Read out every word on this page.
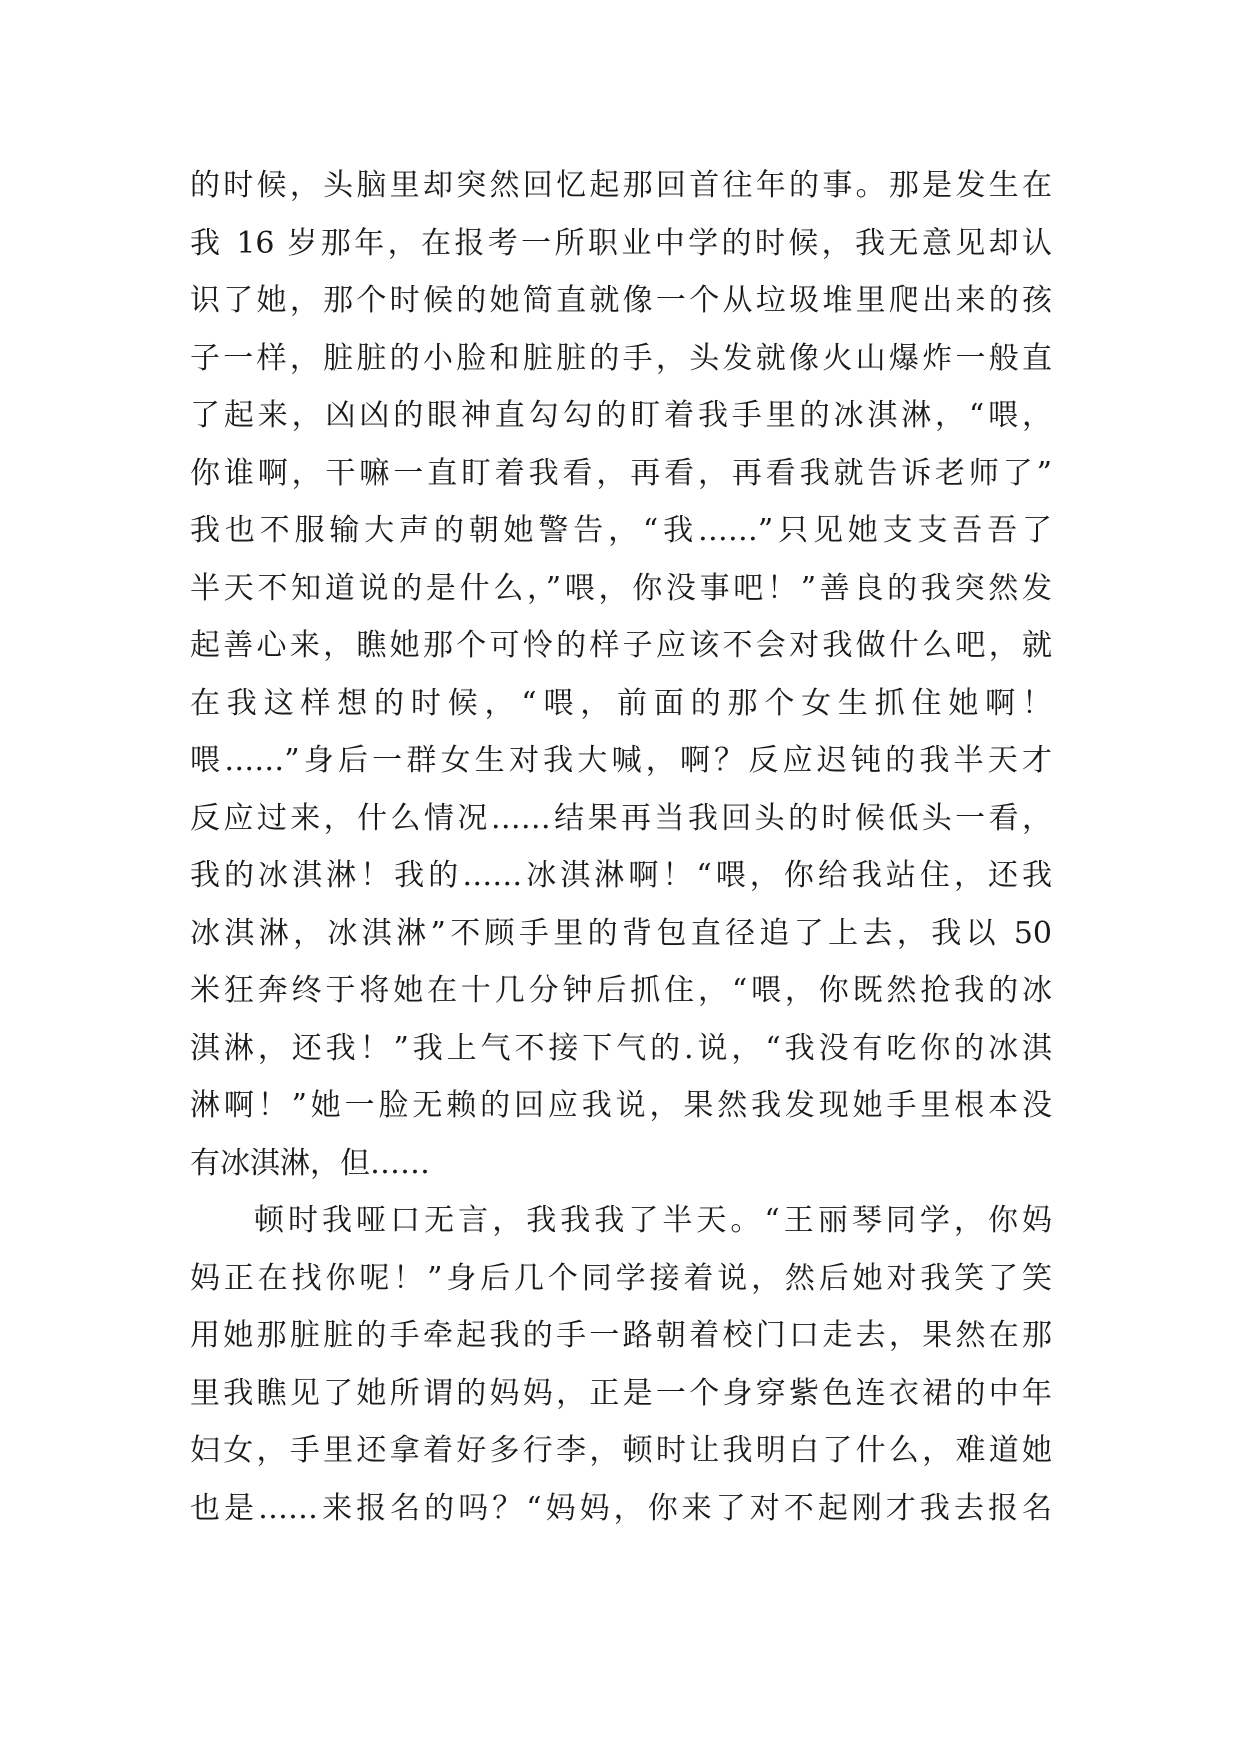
的时候，头脑里却突然回忆起那回首往年的事。那是发生在
我 16 岁那年，在报考一所职业中学的时候，我无意见却认
识了她，那个时候的她简直就像一个从垃圾堆里爬出来的孩
子一样，脏脏的小脸和脏脏的手，头发就像火山爆炸一般直
了起来，凶凶的眼神直勾勾的盯着我手里的冰淇淋，“喂，
你谁啊，干嘛一直盯着我看，再看，再看我就告诉老师了”
我也不服输大声的朝她警告，“我……”只见她支支吾吾了
半天不知道说的是什么，”喂，你没事吧！”善良的我突然发
起善心来，瞧她那个可怜的样子应该不会对我做什么吧，就
在我这样想的时候，“喂，前面的那个女生抓住她啊！
喂……”身后一群女生对我大喊，啊？反应迟钝的我半天才
反应过来，什么情况……结果再当我回头的时候低头一看，
我的冰淇淋！我的……冰淇淋啊！“喂，你给我站住，还我
冰淇淋，冰淇淋”不顾手里的背包直径追了上去，我以 50
米狂奔终于将她在十几分钟后抓住，“喂，你既然抢我的冰
淇淋，还我！”我上气不接下气的.说，“我没有吃你的冰淇
淋啊！”她一脸无赖的回应我说，果然我发现她手里根本没
有冰淇淋，但……
顿时我哑口无言，我我我了半天。“王丽琴同学，你妈
妈正在找你呢！”身后几个同学接着说，然后她对我笑了笑
用她那脏脏的手牵起我的手一路朝着校门口走去，果然在那
里我瞧见了她所谓的妈妈，正是一个身穿紫色连衣裙的中年
妇女，手里还拿着好多行李，顿时让我明白了什么，难道她
也是……来报名的吗？“妈妈，你来了对不起刚才我去报名
